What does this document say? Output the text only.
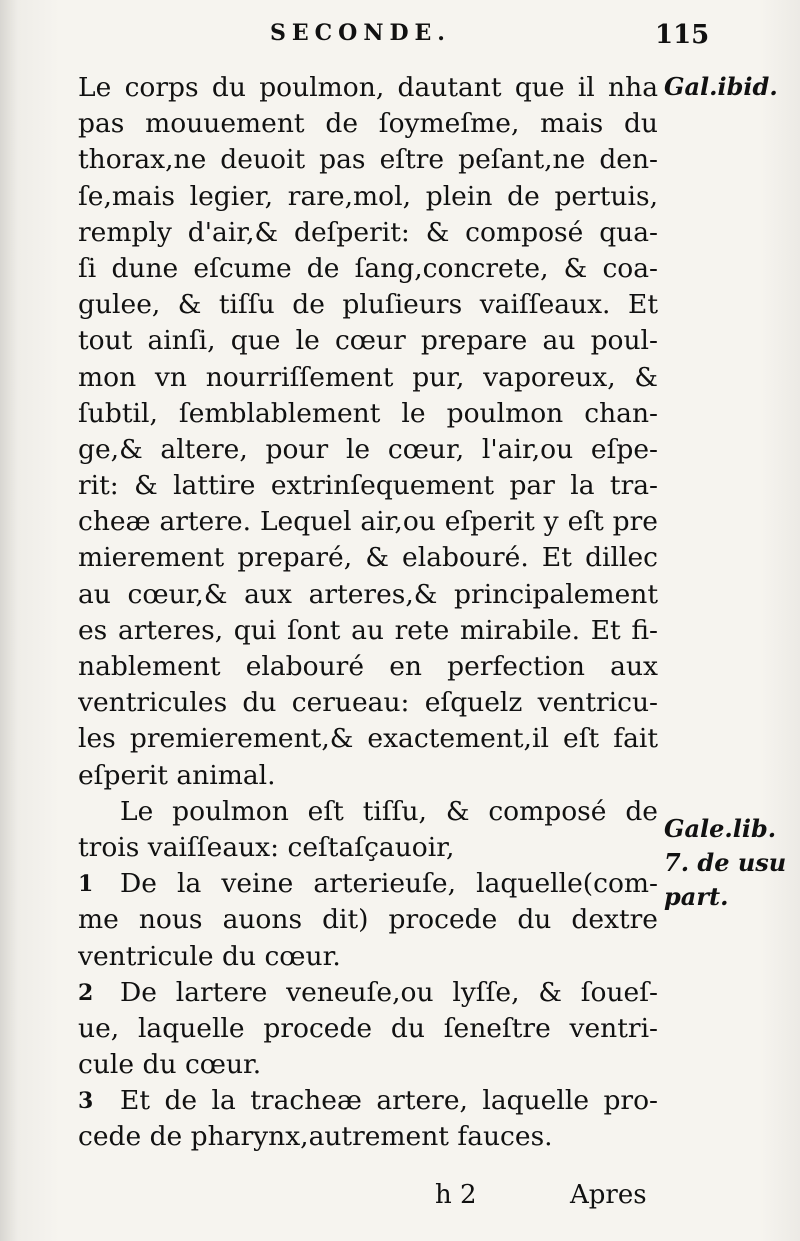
SECONDE.	115
Gal.ibid.
Gale.lib.
7. de usu
part.
Le corps du poulmon, dautant que il nha
pas mouuement de ſoymeſme, mais du
thorax,ne deuoit pas eſtre peſant,ne den-
ſe,mais legier, rare,mol, plein de pertuis,
remply d'air,& deſperit: & composé qua-
ſi dune eſcume de ſang,concrete, & coa-
gulee, & tiſſu de pluſieurs vaiſſeaux. Et
tout ainſi, que le cœur prepare au poul-
mon vn nourriſſement pur, vaporeux, &
ſubtil, ſemblablement le poulmon chan-
ge,& altere, pour le cœur, l'air,ou eſpe-
rit: & lattire extrinſequement par la tra-
cheæ artere. Lequel air,ou eſperit y eſt pre
mierement preparé, & elabouré. Et dillec
au cœur,& aux arteres,& principalement
es arteres, qui ſont au rete mirabile. Et fi-
nablement elabouré en perfection aux
ventricules du cerueau: eſquelz ventricu-
les premierement,& exactement,il eſt fait
eſperit animal.
Le poulmon eſt tiſſu, & composé de
trois vaiſſeaux: ceſtaſçauoir,
1	De la veine arterieuſe, laquelle(com-
me nous auons dit) procede du dextre
ventricule du cœur.
2	De lartere veneuſe,ou lyſſe, & ſoueſ-
ue, laquelle procede du ſeneſtre ventri-
cule du cœur.
3	Et de la tracheæ artere, laquelle pro-
cede de pharynx,autrement fauces.
h 2	Apres
